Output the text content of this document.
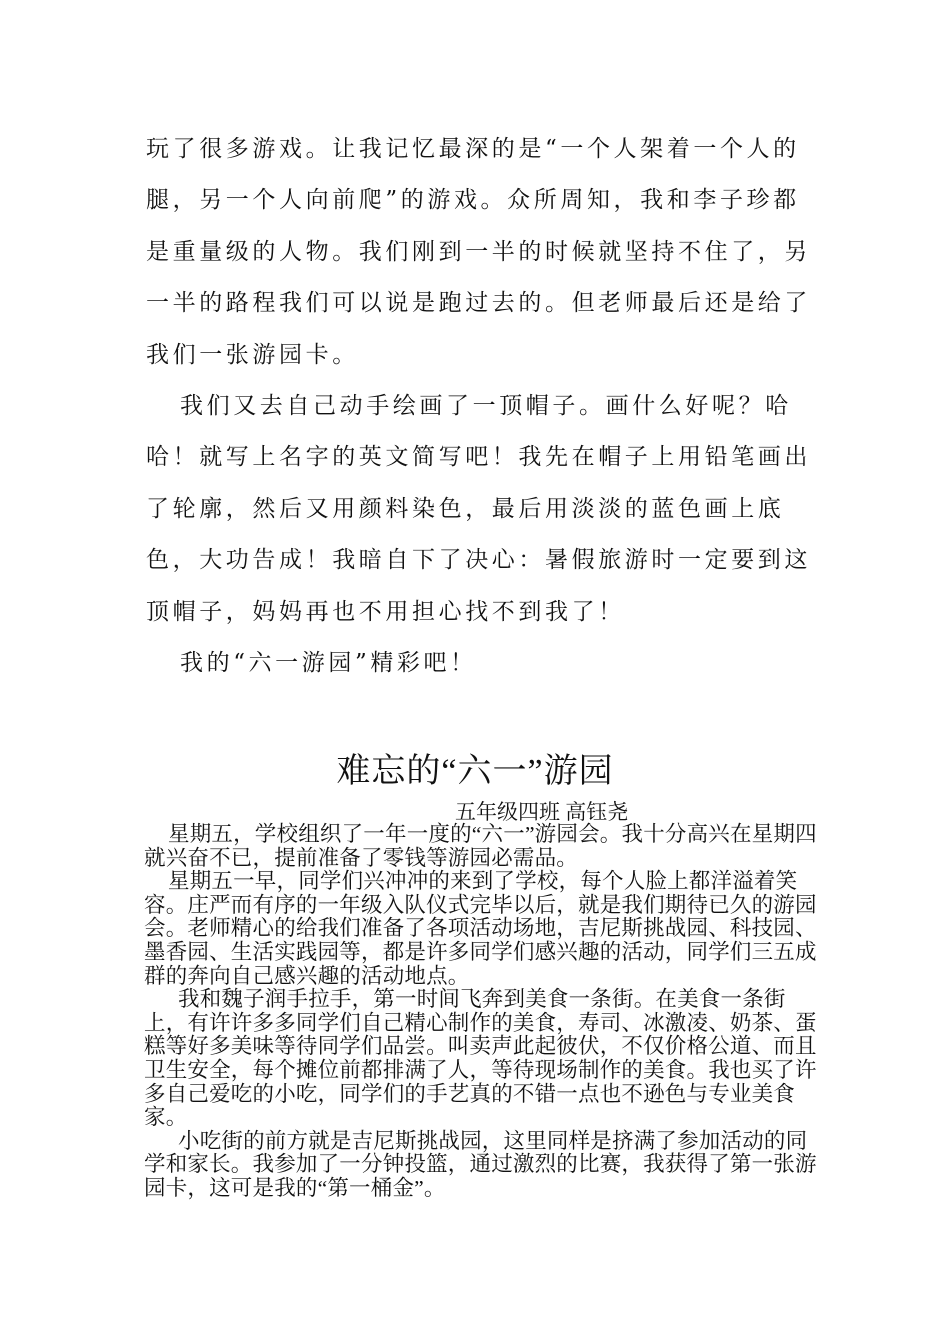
玩了很多游戏。让我记忆最深的是“一个人架着一个人的腿，另一个人向前爬”的游戏。众所周知，我和李子珍都是重量级的人物。我们刚到一半的时候就坚持不住了，另一半的路程我们可以说是跑过去的。但老师最后还是给了我们一张游园卡。

我们又去自己动手绘画了一顶帽子。画什么好呢？哈哈！就写上名字的英文简写吧！我先在帽子上用铅笔画出了轮廓，然后又用颜料染色，最后用淡淡的蓝色画上底色，大功告成！我暗自下了决心：暑假旅游时一定要到这顶帽子，妈妈再也不用担心找不到我了！

我的“六一游园”精彩吧！

难忘的“六一”游园
五年级四班 高钰尧

星期五，学校组织了一年一度的“六一”游园会。我十分高兴在星期四就兴奋不已，提前准备了零钱等游园必需品。

星期五一早，同学们兴冲冲的来到了学校，每个人脸上都洋溢着笑容。庄严而有序的一年级入队仪式完毕以后，就是我们期待已久的游园会。老师精心的给我们准备了各项活动场地，吉尼斯挑战园、科技园、墨香园、生活实践园等，都是许多同学们感兴趣的活动，同学们三五成群的奔向自己感兴趣的活动地点。

我和魏子润手拉手，第一时间飞奔到美食一条街。在美食一条街上，有许许多多同学们自己精心制作的美食，寿司、冰激凌、奶茶、蛋糕等好多美味等待同学们品尝。叫卖声此起彼伏，不仅价格公道、而且卫生安全，每个摊位前都排满了人，等待现场制作的美食。我也买了许多自己爱吃的小吃，同学们的手艺真的不错一点也不逊色与专业美食家。

小吃街的前方就是吉尼斯挑战园，这里同样是挤满了参加活动的同学和家长。我参加了一分钟投篮，通过激烈的比赛，我获得了第一张游园卡，这可是我的“第一桶金”。
